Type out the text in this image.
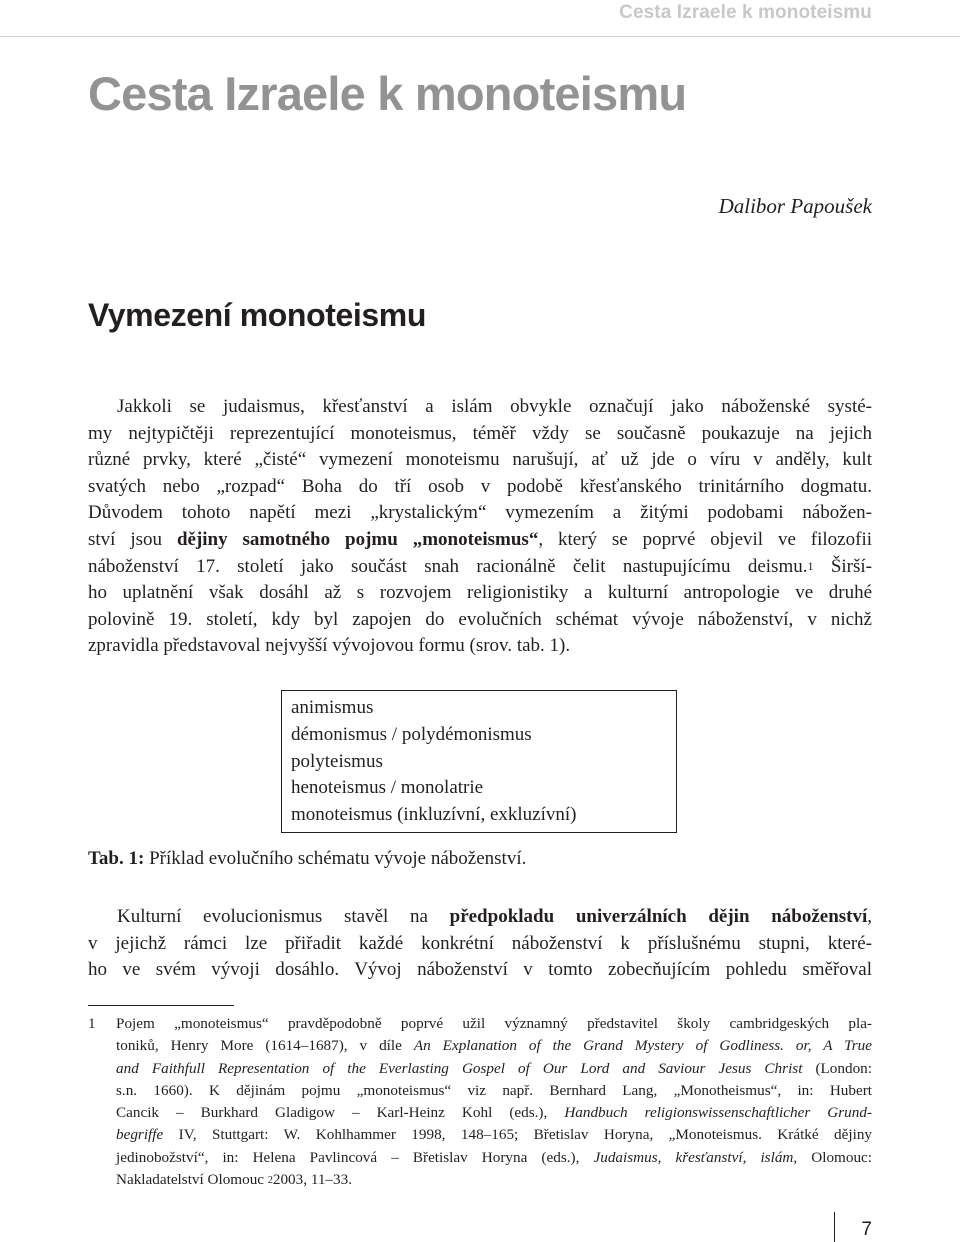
Cesta Izraele k monoteismu
Cesta Izraele k monoteismu
Dalibor Papoušek
Vymezení monoteismu
Jakkoli se judaismus, křesťanství a islám obvykle označují jako náboženské systé-
my nejtypičtěji reprezentující monoteismus, téměř vždy se současně poukazuje na jejich
různé prvky, které „čisté“ vymezení monoteismu narušují, ať už jde o víru v anděly, kult
svatých nebo „rozpad“ Boha do tří osob v podobě křesťanského trinitárního dogmatu.
Důvodem tohoto napětí mezi „krystalickým“ vymezením a žitými podobami nábožen-
ství jsou dějiny samotného pojmu „monoteismus“, který se poprvé objevil ve filozofii
náboženství 17. století jako součást snah racionálně čelit nastupujícímu deismu.$^1$ Širší-
ho uplatnění však dosáhl až s rozvojem religionistiky a kulturní antropologie ve druhé
polovině 19. století, kdy byl zapojen do evolučních schémat vývoje náboženství, v nichž
zpravidla představoval nejvyšší vývojovou formu (srov. tab. 1).
animismus
démonismus / polydémonismus
polyteismus
henoteismus / monolatrie
monoteismus (inkluzívní, exkluzívní)
Tab. 1: Příklad evolučního schématu vývoje náboženství.
Kulturní evolucionismus stavěl na předpokladu univerzálních dějin náboženství,
v jejichž rámci lze přiřadit každé konkrétní náboženství k příslušnému stupni, které-
ho ve svém vývoji dosáhlo. Vývoj náboženství v tomto zobecňujícím pohledu směřoval
1 Pojem „monoteismus“ pravděpodobně poprvé užil významný představitel školy cambridgeských pla-
toniků, Henry More (1614–1687), v díle An Explanation of the Grand Mystery of Godliness. or, A True
and Faithfull Representation of the Everlasting Gospel of Our Lord and Saviour Jesus Christ (London:
s.n. 1660). K dějinám pojmu „monoteismus“ viz např. Bernhard Lang, „Monotheismus“, in: Hubert
Cancik – Burkhard Gladigow – Karl-Heinz Kohl (eds.), Handbuch religionswissenschaftlicher Grund-
begriffe IV, Stuttgart: W. Kohlhammer 1998, 148–165; Břetislav Horyna, „Monoteismus. Krátké dějiny
jedinobožství“, in: Helena Pavlincová – Břetislav Horyna (eds.), Judaismus, křesťanství, islám, Olomouc:
Nakladatelství Olomouc $^2$2003, 11–33.
7
